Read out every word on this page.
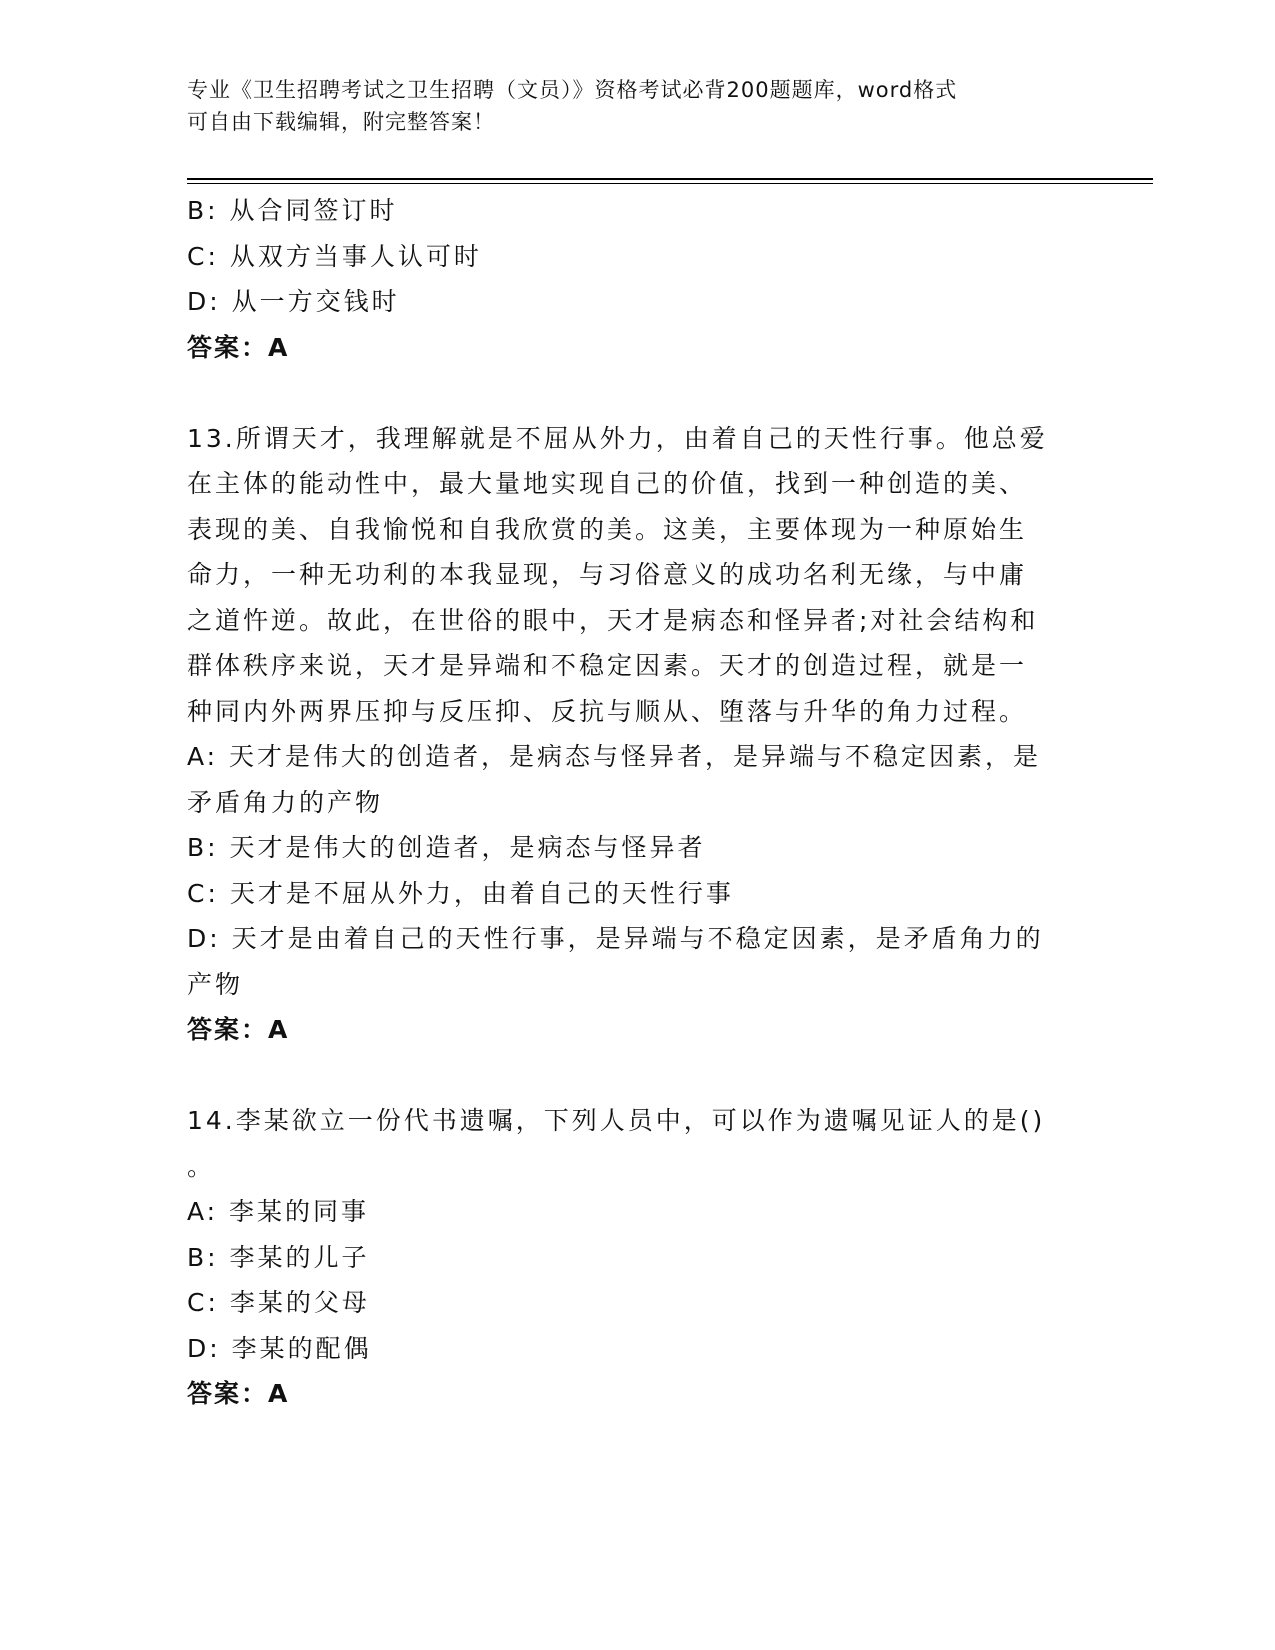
专业《卫生招聘考试之卫生招聘（文员）》资格考试必背200题题库，word格式
可自由下载编辑，附完整答案！
B: 从合同签订时
C: 从双方当事人认可时
D: 从一方交钱时
答案：A
13.所谓天才，我理解就是不屈从外力，由着自己的天性行事。他总爱
在主体的能动性中，最大量地实现自己的价值，找到一种创造的美、
表现的美、自我愉悦和自我欣赏的美。这美，主要体现为一种原始生
命力，一种无功利的本我显现，与习俗意义的成功名利无缘，与中庸
之道忤逆。故此，在世俗的眼中，天才是病态和怪异者;对社会结构和
群体秩序来说，天才是异端和不稳定因素。天才的创造过程，就是一
种同内外两界压抑与反压抑、反抗与顺从、堕落与升华的角力过程。
A: 天才是伟大的创造者，是病态与怪异者，是异端与不稳定因素，是
矛盾角力的产物
B: 天才是伟大的创造者，是病态与怪异者
C: 天才是不屈从外力，由着自己的天性行事
D: 天才是由着自己的天性行事，是异端与不稳定因素，是矛盾角力的
产物
答案：A
14.李某欲立一份代书遗嘱，下列人员中，可以作为遗嘱见证人的是()
。
A: 李某的同事
B: 李某的儿子
C: 李某的父母
D: 李某的配偶
答案：A
